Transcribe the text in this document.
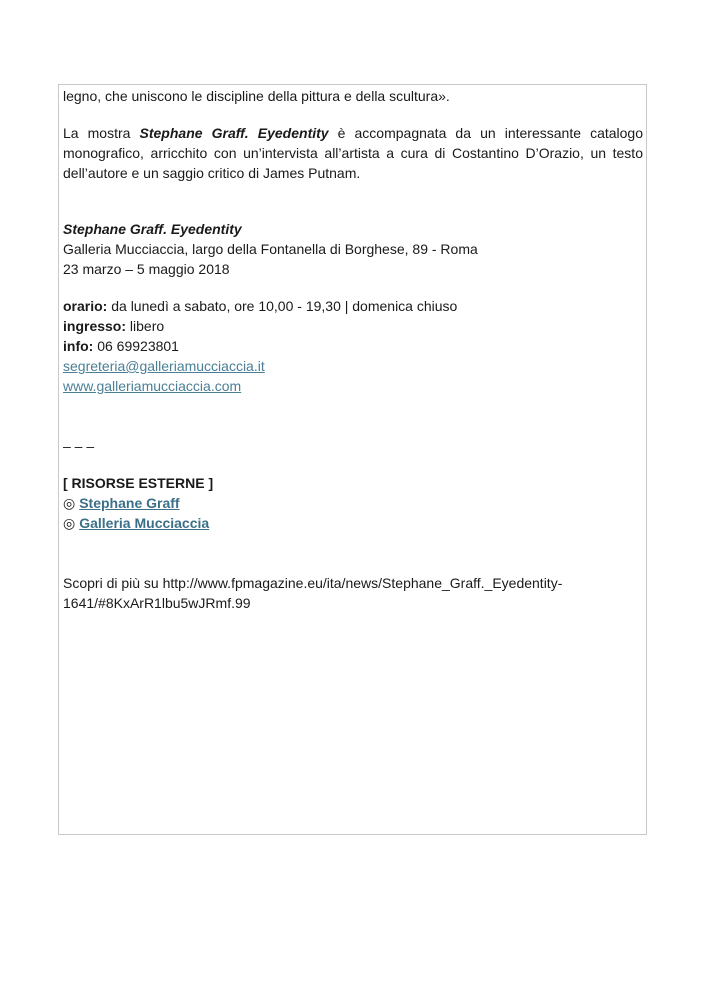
legno, che uniscono le discipline della pittura e della scultura».

La mostra Stephane Graff. Eyedentity è accompagnata da un interessante catalogo monografico, arricchito con un’intervista all’artista a cura di Costantino D’Orazio, un testo dell’autore e un saggio critico di James Putnam.

Stephane Graff. Eyedentity

Galleria Mucciaccia, largo della Fontanella di Borghese, 89 - Roma

23 marzo – 5 maggio 2018

orario: da lunedì a sabato, ore 10,00 - 19,30 | domenica chiuso

ingresso: libero

info: 06 69923801

segreteria@galleriamucciaccia.it

www.galleriamucciaccia.com

– – –

[ RISORSE ESTERNE ]

◎ Stephane Graff

◎ Galleria Mucciaccia

Scopri di più su http://www.fpmagazine.eu/ita/news/Stephane_Graff._Eyedentity-

1641/#8KxArR1lbu5wJRmf.99
